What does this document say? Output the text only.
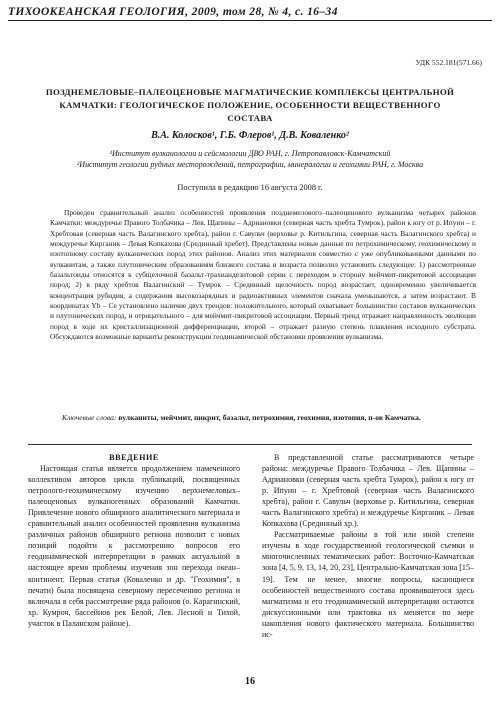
ТИХООКЕАНСКАЯ ГЕОЛОГИЯ, 2009, том 28, № 4, с. 16–34
УДК 552.181(571.66)
ПОЗДНЕМЕЛОВЫЕ–ПАЛЕОЦЕНОВЫЕ МАГМАТИЧЕСКИЕ КОМПЛЕКСЫ ЦЕНТРАЛЬНОЙ КАМЧАТКИ: ГЕОЛОГИЧЕСКОЕ ПОЛОЖЕНИЕ, ОСОБЕННОСТИ ВЕЩЕСТВЕННОГО СОСТАВА
В.А. Колосков¹, Г.Б. Флеров¹, Д.В. Коваленко²
¹Институт вулканологии и сейсмологии ДВО РАН, г. Петропавловск-Камчатский
²Институт геологии рудных месторождений, петрографии, минералогии и геохимии РАН, г. Москва
Поступила в редакцию 16 августа 2008 г.
Проведен сравнительный анализ особенностей проявления позднемелового–палеоценового вулканизма четырех районов Камчатки: междуречье Правого Толбачика – Лев. Щапины – Адриановки (северная часть хребта Тумрок), район к югу от р. Ипуин – г. Хребтовая (северная часть Валагинского хребта), район г. Савульч (верховье р. Китильгина, северная часть Валагинского хребта) и междуречье Кирганик – Левая Копкахова (Срединный хребет). Представлены новые данные по петрохимическому, геохимическому и изотопному составу вулканических пород этих районов. Анализ этих материалов совместно с уже опубликованными данными по вулканитам, а также плутоническим образованиям близкого состава и возраста позволил установить следующее: 1) рассмотренные базальтоиды относятся к субщелочной базальт-трахиандезитовой серии с переходом в сторону мейчмит-пикритовой ассоциации пород; 2) в ряду хребтов Валагинский – Тумрок – Срединный щелочность пород возрастает, одновременно увеличивается концентрация рубидия, а содержания высокозарядных и радиоактивных элементов сначала уменьшаются, а затем возрастают. В координатах Yb – Ce установлено наличие двух трендов: положительного, который охватывает большинство составов вулканических и плутонических пород, и отрицательного – для мейчмит-пикритовой ассоциации. Первый тренд отражает направленность эволюции пород в ходе их кристаллизационной дифференциации, второй – отражает разную степень плавления исходного субстрата. Обсуждаются возможные варианты реконструкции геодинамической обстановки проявления вулканизма.
Ключевые слова: вулканиты, мейчмит, пикрит, базальт, петрохимия, геохимия, изотопия, п-ов Камчатка.

ВВЕДЕНИЕ

Настоящая статья является продолжением намеченного коллективом авторов цикла публикаций, посвященных петролого-геохимическому изучению верхнемеловых–палеоценовых вулканогенных образований Камчатки. Привлечение нового обширного аналитического материала и сравнительный анализ особенностей проявления вулканизма различных районов обширного региона позволит с новых позиций подойти к рассмотрению вопросов его геодинамической интерпретации в рамках актуальной в настоящее время проблемы изучения зон перехода океан–континент. Первая статья (Коваленко и др. "Геохимия", в печати) была посвящена северному пересечению региона и включала в себя рассмотрение ряда районов (о. Карагинский, хр. Кумроч, бассейнов рек Белой, Лев. Лесной и Тихой, участок в Паланском районе).

В представленной статье рассматриваются четыре района: междуречье Правого Толбачика – Лев. Щапины – Адриановки (северная часть хребта Тумрок), район к югу от р. Ипуин – г. Хребтовой (северная часть Валагинского хребта), район г. Савульч (верховье р. Китильгина, северная часть Валагинского хребта) и междуречье Кирганик – Левая Копкахова (Срединный хр.).

Рассматриваемые районы в той или иной степени изучены в ходе государственной геологической съемки и многочисленных тематических работ: Восточно-Камчатская зона [4, 5, 9, 13, 14, 20, 23], Центрально-Камчатская зона [15–19]. Тем не менее, многие вопросы, касающиеся особенностей вещественного состава проявившегося здесь магматизма и его геодинамической интерпретации остаются дискуссионными или трактовка их меняется по мере накопления нового фактического материала. Большинство ис-

16
